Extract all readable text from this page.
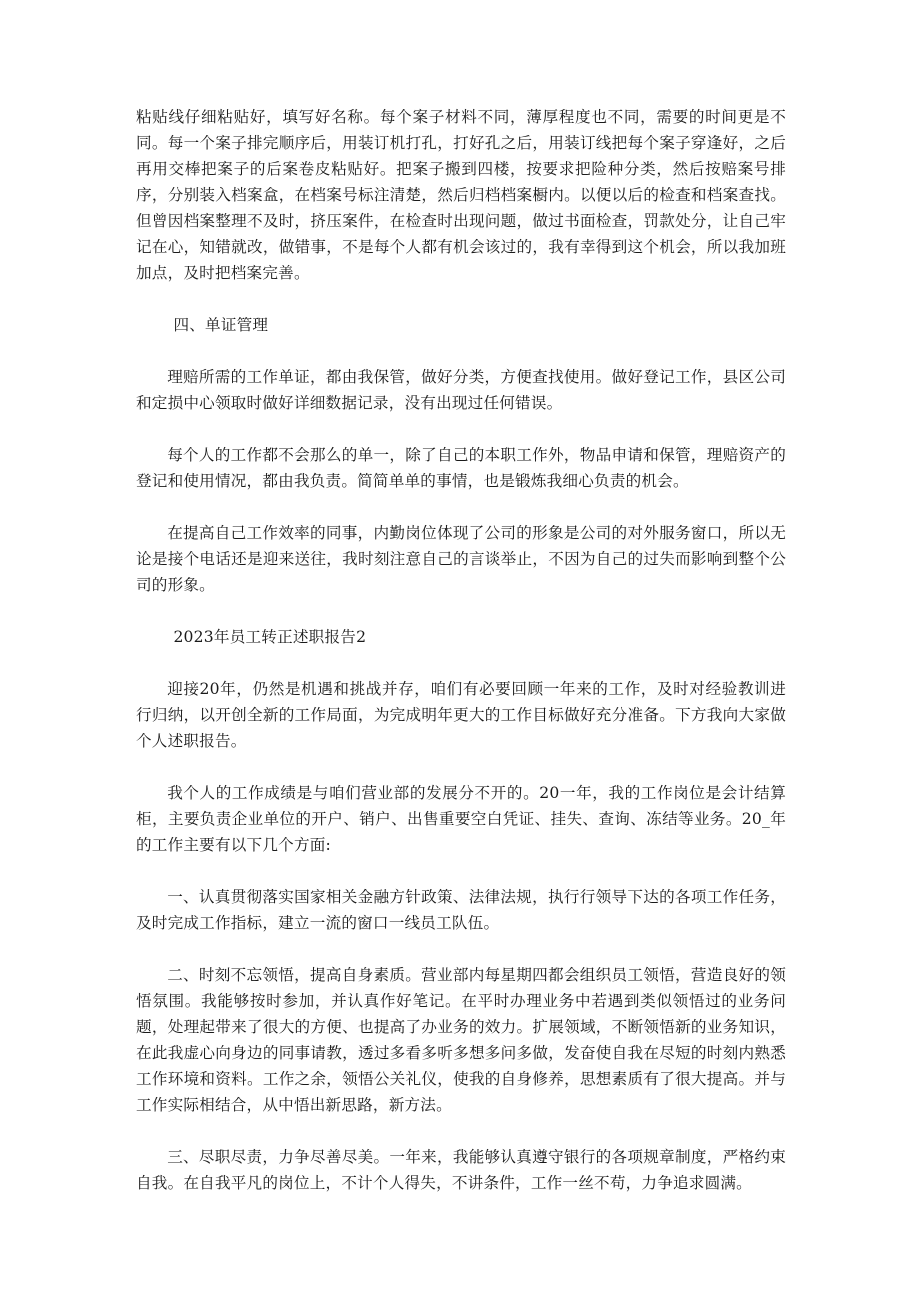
粘贴线仔细粘贴好，填写好名称。每个案子材料不同，薄厚程度也不同，需要的时间更是不同。每一个案子排完顺序后，用装订机打孔，打好孔之后，用装订线把每个案子穿逢好，之后再用交棒把案子的后案卷皮粘贴好。把案子搬到四楼，按要求把险种分类，然后按赔案号排序，分别装入档案盒，在档案号标注清楚，然后归档档案橱内。以便以后的检查和档案查找。但曾因档案整理不及时，挤压案件，在检查时出现问题，做过书面检查，罚款处分，让自己牢记在心，知错就改，做错事，不是每个人都有机会该过的，我有幸得到这个机会，所以我加班加点，及时把档案完善。

四、单证管理

理赔所需的工作单证，都由我保管，做好分类，方便查找使用。做好登记工作，县区公司和定损中心领取时做好详细数据记录，没有出现过任何错误。

每个人的工作都不会那么的单一，除了自己的本职工作外，物品申请和保管，理赔资产的登记和使用情况，都由我负责。简简单单的事情，也是锻炼我细心负责的机会。

在提高自己工作效率的同事，内勤岗位体现了公司的形象是公司的对外服务窗口，所以无论是接个电话还是迎来送往，我时刻注意自己的言谈举止，不因为自己的过失而影响到整个公司的形象。

2023年员工转正述职报告2

迎接20年，仍然是机遇和挑战并存，咱们有必要回顾一年来的工作，及时对经验教训进行归纳，以开创全新的工作局面，为完成明年更大的工作目标做好充分准备。下方我向大家做个人述职报告。

我个人的工作成绩是与咱们营业部的发展分不开的。20一年，我的工作岗位是会计结算柜，主要负责企业单位的开户、销户、出售重要空白凭证、挂失、查询、冻结等业务。20_年的工作主要有以下几个方面:

一、认真贯彻落实国家相关金融方针政策、法律法规，执行行领导下达的各项工作任务，及时完成工作指标，建立一流的窗口一线员工队伍。

二、时刻不忘领悟，提高自身素质。营业部内每星期四都会组织员工领悟，营造良好的领悟氛围。我能够按时参加，并认真作好笔记。在平时办理业务中若遇到类似领悟过的业务问题，处理起带来了很大的方便、也提高了办业务的效力。扩展领域，不断领悟新的业务知识，在此我虚心向身边的同事请教，透过多看多听多想多问多做，发奋使自我在尽短的时刻内熟悉工作环境和资料。工作之余，领悟公关礼仪，使我的自身修养，思想素质有了很大提高。并与工作实际相结合，从中悟出新思路，新方法。

三、尽职尽责，力争尽善尽美。一年来，我能够认真遵守银行的各项规章制度，严格约束自我。在自我平凡的岗位上，不计个人得失，不讲条件，工作一丝不苟，力争追求圆满。
